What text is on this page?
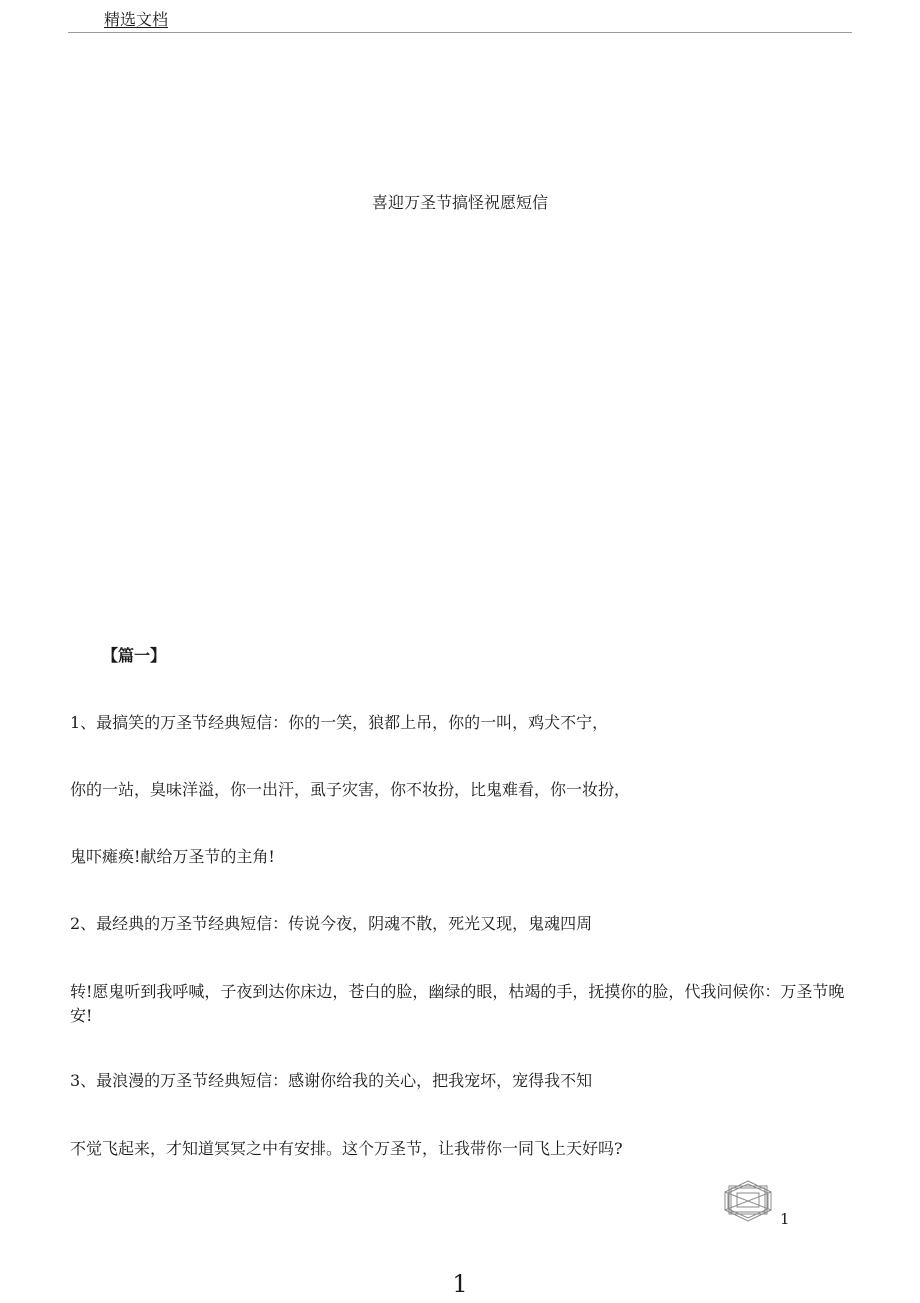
精选文档
喜迎万圣节搞怪祝愿短信
【篇一】
1、最搞笑的万圣节经典短信：你的一笑，狼都上吊，你的一叫，鸡犬不宁，
你的一站，臭味洋溢，你一出汗，虱子灾害，你不妆扮，比鬼难看，你一妆扮，
鬼吓瘫痪!献给万圣节的主角!
2、最经典的万圣节经典短信：传说今夜，阴魂不散，死光又现，鬼魂四周
转!愿鬼听到我呼喊，子夜到达你床边，苍白的脸，幽绿的眼，枯竭的手，抚摸你的脸，代我问候你：万圣节晚安!
3、最浪漫的万圣节经典短信：感谢你给我的关心，把我宠坏，宠得我不知
不觉飞起来，才知道冥冥之中有安排。这个万圣节，让我带你一同飞上天好吗?
1
1
